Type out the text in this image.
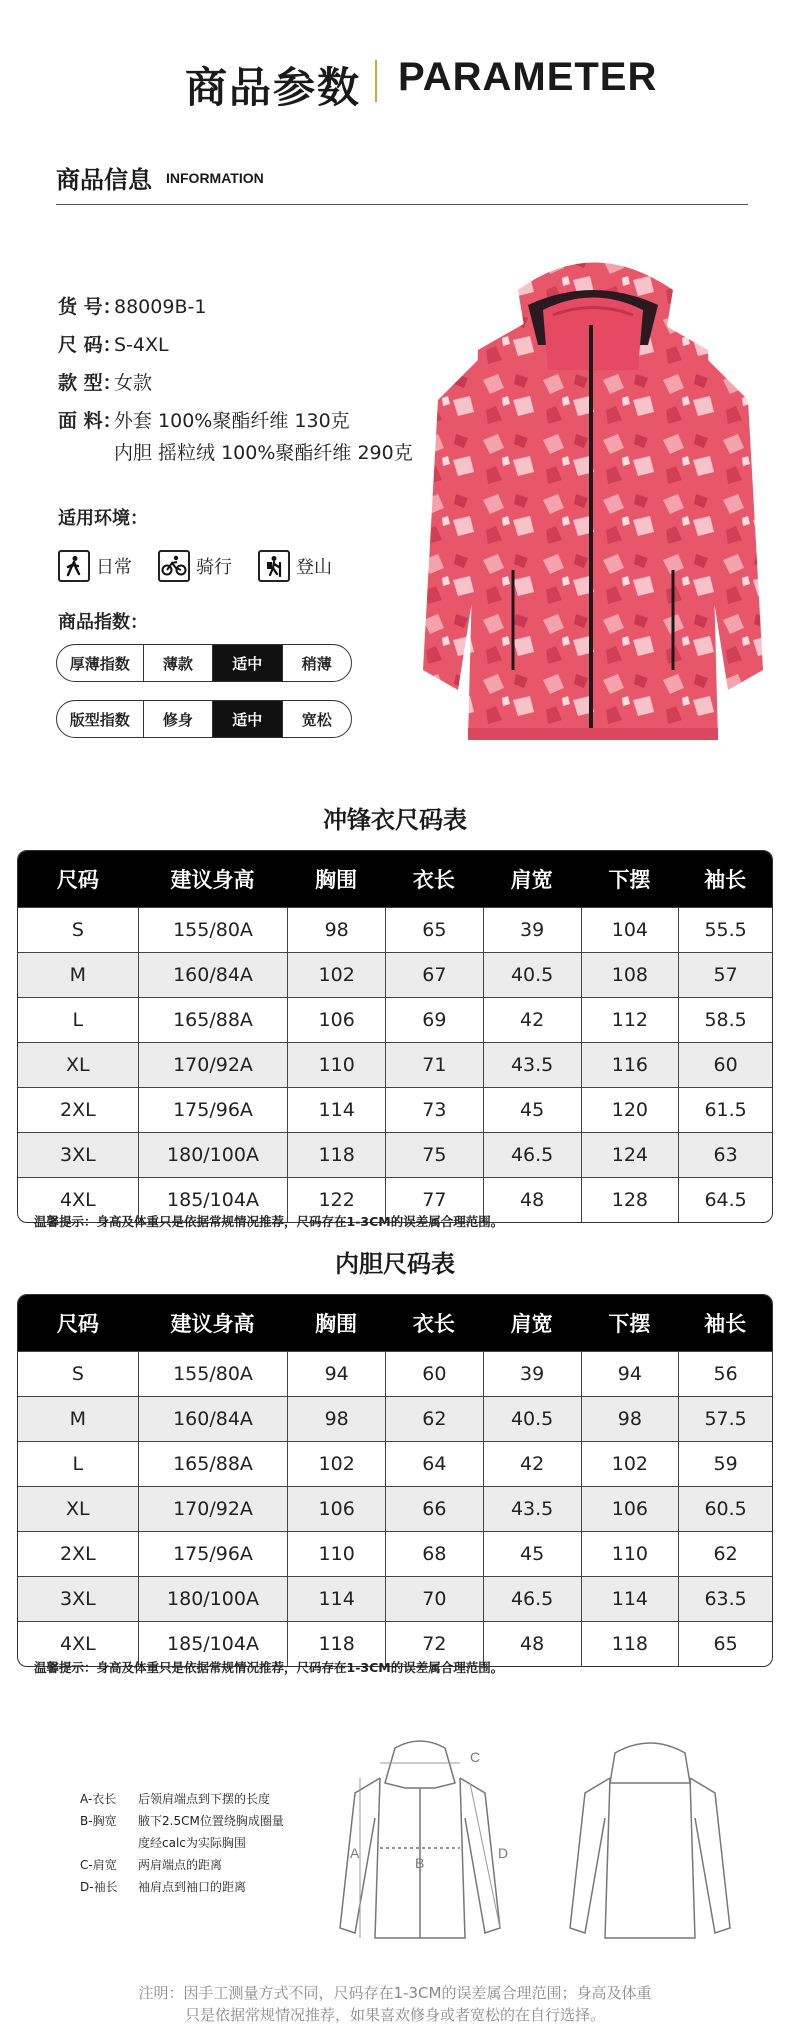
商品参数 PARAMETER
商品信息 INFORMATION
货 号：88009B-1
尺 码：S-4XL
款 型：女款
面 料：外套 100%聚酯纤维 130克
内胆 摇粒绒 100%聚酯纤维 290克
适用环境：
日常	骑行	登山
商品指数：
厚薄指数	薄款	适中	稍薄
版型指数	修身	适中	宽松
冲锋衣尺码表
尺码	建议身高	胸围	衣长	肩宽	下摆	袖长
S	155/80A	98	65	39	104	55.5
M	160/84A	102	67	40.5	108	57
L	165/88A	106	69	42	112	58.5
XL	170/92A	110	71	43.5	116	60
2XL	175/96A	114	73	45	120	61.5
3XL	180/100A	118	75	46.5	124	63
4XL	185/104A	122	77	48	128	64.5
温馨提示：身高及体重只是依据常规情况推荐，尺码存在1-3CM的误差属合理范围。
内胆尺码表
尺码	建议身高	胸围	衣长	肩宽	下摆	袖长
S	155/80A	94	60	39	94	56
M	160/84A	98	62	40.5	98	57.5
L	165/88A	102	64	42	102	59
XL	170/92A	106	66	43.5	106	60.5
2XL	175/96A	110	68	45	110	62
3XL	180/100A	114	70	46.5	114	63.5
4XL	185/104A	118	72	48	118	65
温馨提示：身高及体重只是依据常规情况推荐，尺码存在1-3CM的误差属合理范围。
A-衣长	后领肩端点到下摆的长度
B-胸宽	腋下2.5CM位置绕胸成圈量
度经calc为实际胸围
C-肩宽	两肩端点的距离
D-袖长	袖肩点到袖口的距离
A
B
C
D
注明：因手工测量方式不同，尺码存在1-3CM的误差属合理范围；身高及体重
只是依据常规情况推荐，如果喜欢修身或者宽松的在自行选择。
